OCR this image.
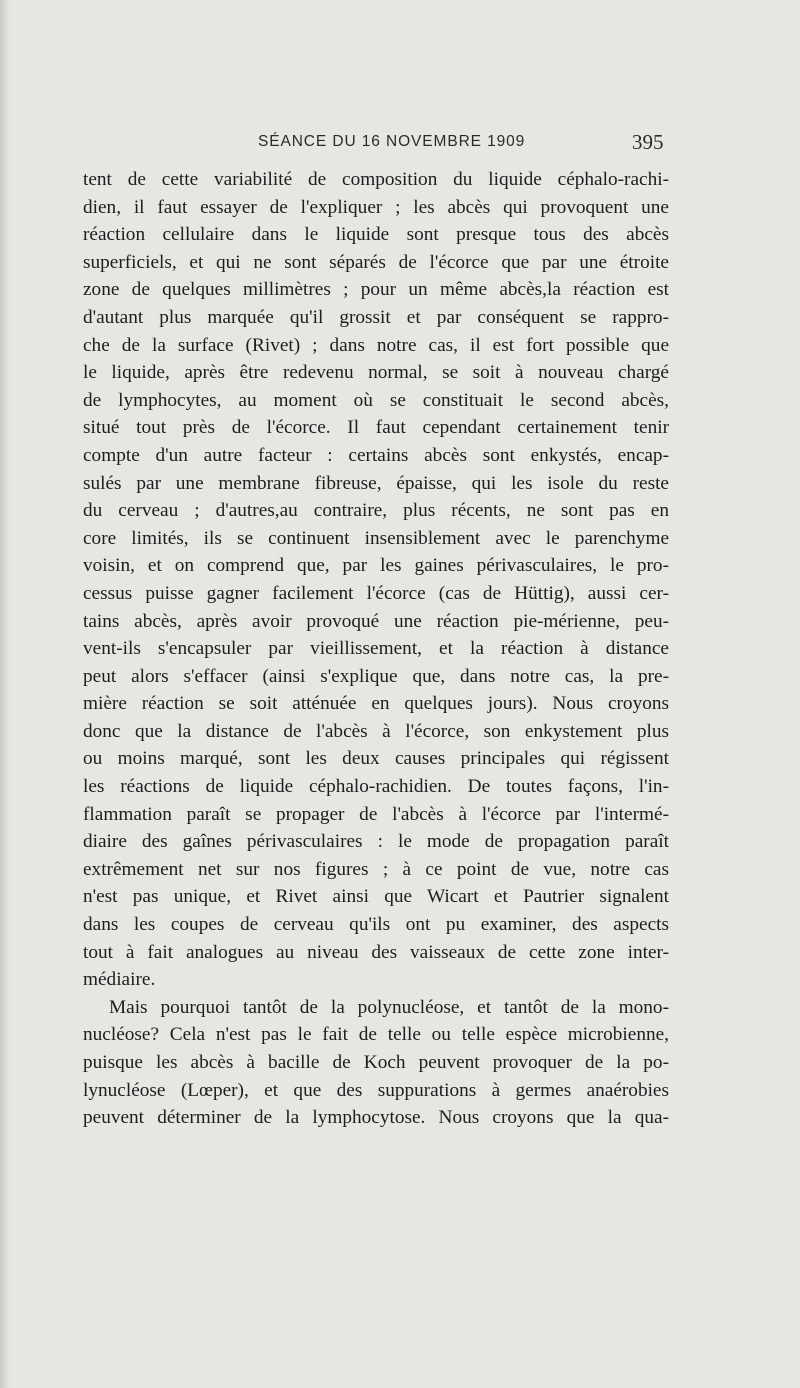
SÉANCE DU 16 NOVEMBRE 1909	395
tent de cette variabilité de composition du liquide céphalo-rachi-
dien, il faut essayer de l'expliquer ; les abcès qui provoquent une
réaction cellulaire dans le liquide sont presque tous des abcès
superficiels, et qui ne sont séparés de l'écorce que par une étroite
zone de quelques millimètres ; pour un même abcès,la réaction est
d'autant plus marquée qu'il grossit et par conséquent se rappro-
che de la surface (Rivet) ; dans notre cas, il est fort possible que
le liquide, après être redevenu normal, se soit à nouveau chargé
de lymphocytes, au moment où se constituait le second abcès,
situé tout près de l'écorce. Il faut cependant certainement tenir
compte d'un autre facteur : certains abcès sont enkystés, encap-
sulés par une membrane fibreuse, épaisse, qui les isole du reste
du cerveau ; d'autres,au contraire, plus récents, ne sont pas en
core limités, ils se continuent insensiblement avec le parenchyme
voisin, et on comprend que, par les gaines périvasculaires, le pro-
cessus puisse gagner facilement l'écorce (cas de Hüttig), aussi cer-
tains abcès, après avoir provoqué une réaction pie-mérienne, peu-
vent-ils s'encapsuler par vieillissement, et la réaction à distance
peut alors s'effacer (ainsi s'explique que, dans notre cas, la pre-
mière réaction se soit atténuée en quelques jours). Nous croyons
donc que la distance de l'abcès à l'écorce, son enkystement plus
ou moins marqué, sont les deux causes principales qui régissent
les réactions de liquide céphalo-rachidien. De toutes façons, l'in-
flammation paraît se propager de l'abcès à l'écorce par l'intermé-
diaire des gaînes périvasculaires : le mode de propagation paraît
extrêmement net sur nos figures ; à ce point de vue, notre cas
n'est pas unique, et Rivet ainsi que Wicart et Pautrier signalent
dans les coupes de cerveau qu'ils ont pu examiner, des aspects
tout à fait analogues au niveau des vaisseaux de cette zone inter-
médiaire.
Mais pourquoi tantôt de la polynucléose, et tantôt de la mono-
nucléose? Cela n'est pas le fait de telle ou telle espèce microbienne,
puisque les abcès à bacille de Koch peuvent provoquer de la po-
lynucléose (Lœper), et que des suppurations à germes anaérobies
peuvent déterminer de la lymphocytose. Nous croyons que la qua-
